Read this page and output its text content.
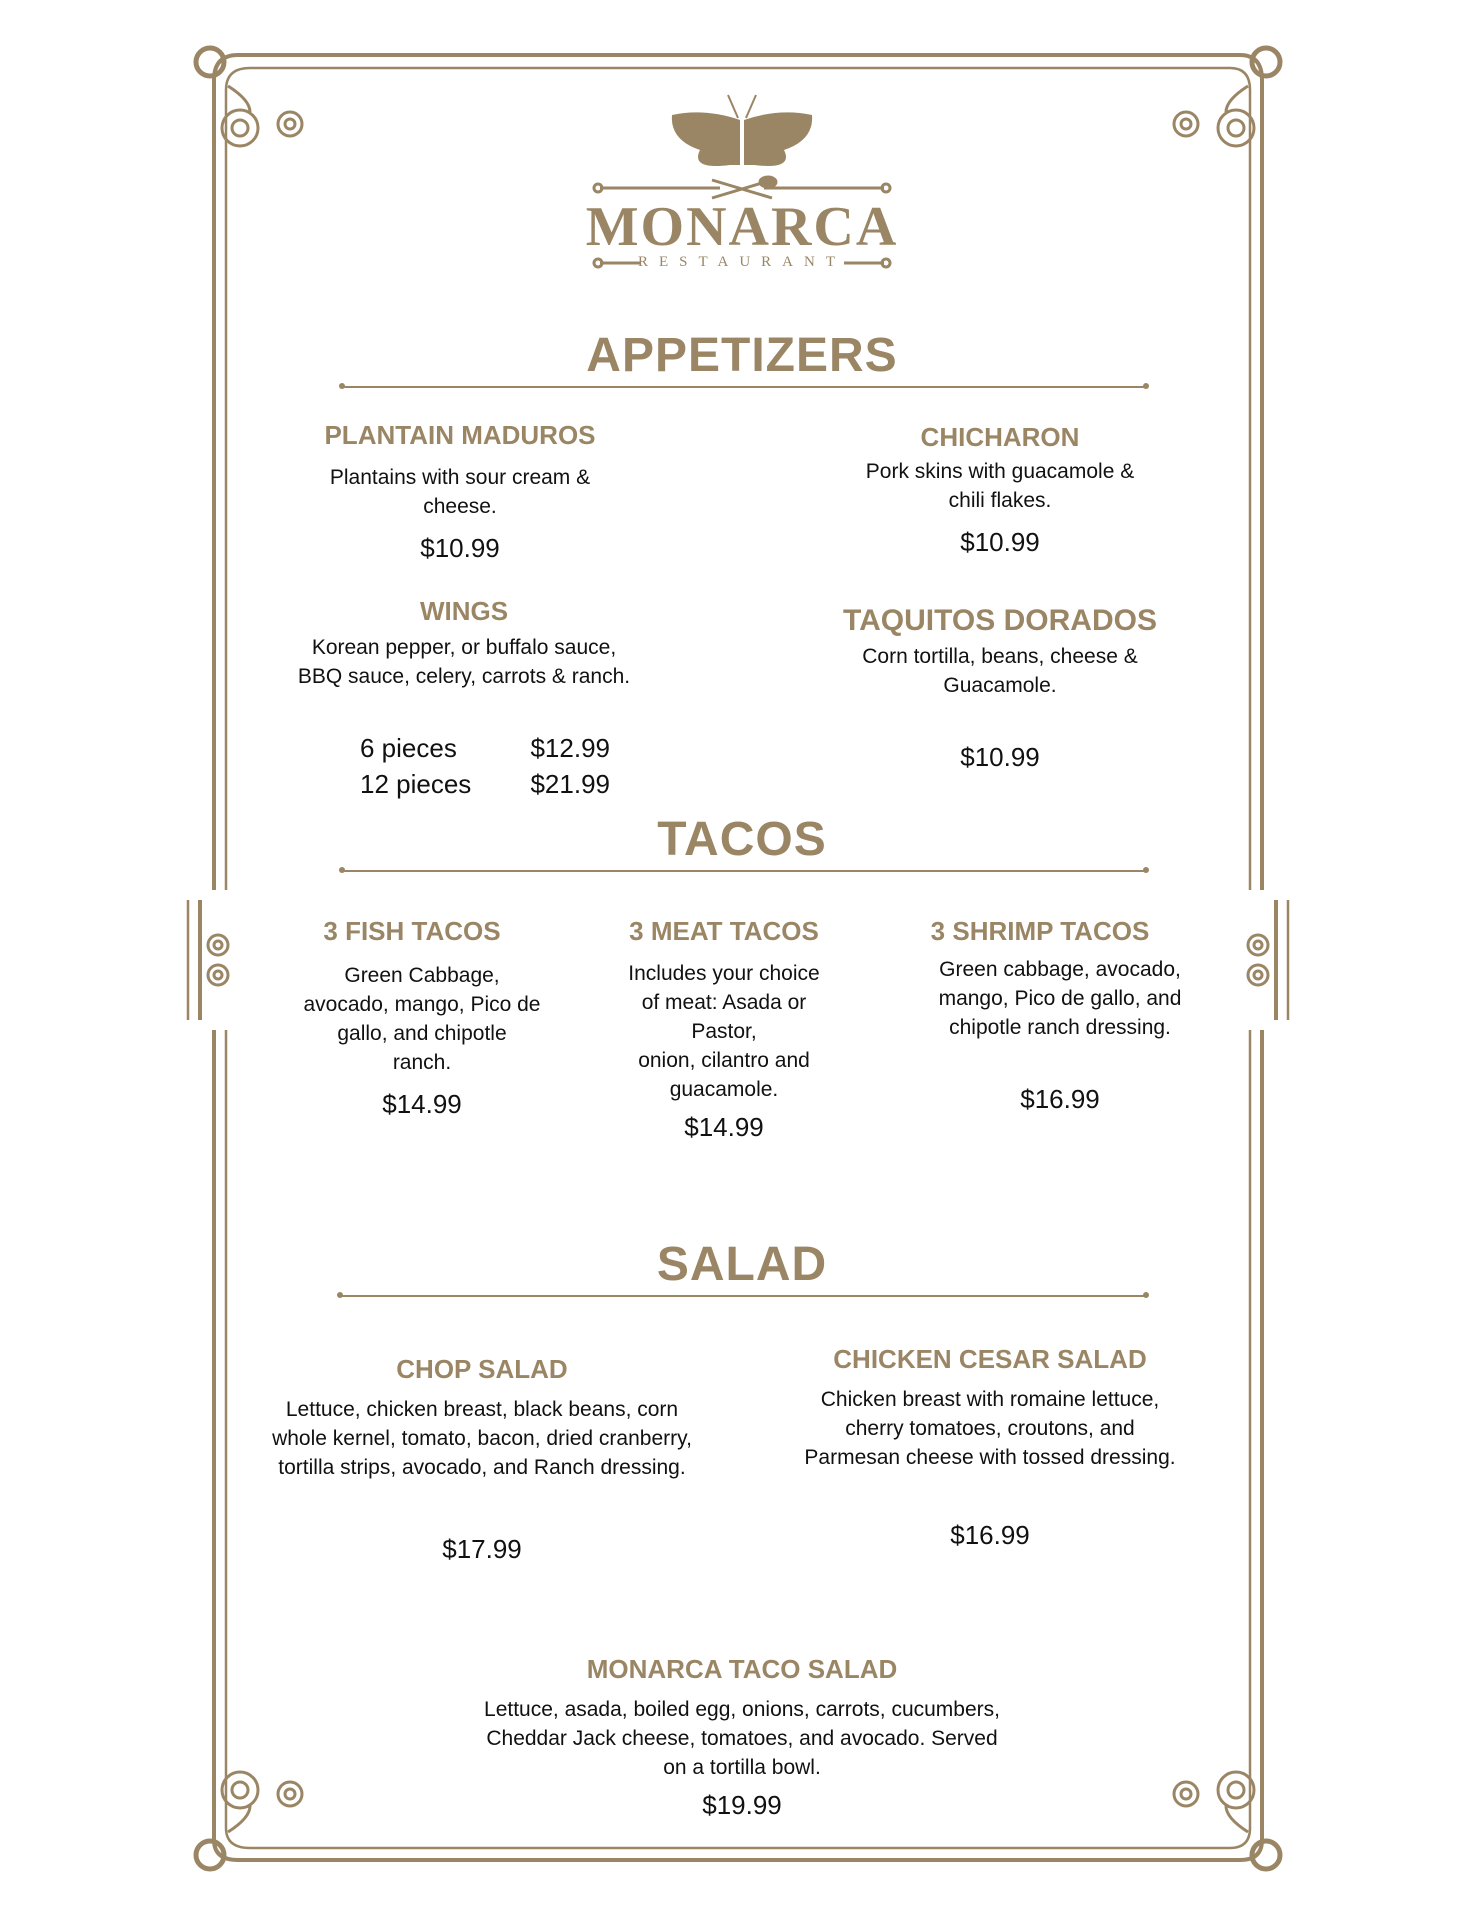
MONARCA
RESTAURANT
APPETIZERS
PLANTAIN MADUROS
Plantains with sour cream &
cheese.
$10.99
CHICHARON
Pork skins with guacamole &
chili flakes.
$10.99
WINGS
Korean pepper, or buffalo sauce,
BBQ sauce, celery, carrots & ranch.
6 pieces	$12.99
12 pieces $21.99
TAQUITOS DORADOS
Corn tortilla, beans, cheese &
Guacamole.
$10.99
TACOS
3 FISH TACOS
Green Cabbage,
avocado, mango, Pico de
gallo, and chipotle
ranch.
$14.99
3 MEAT TACOS
Includes your choice
of meat: Asada or
Pastor,
onion, cilantro and
guacamole.
$14.99
3 SHRIMP TACOS
Green cabbage, avocado,
mango, Pico de gallo, and
chipotle ranch dressing.
$16.99
SALAD
CHOP SALAD
Lettuce, chicken breast, black beans, corn
whole kernel, tomato, bacon, dried cranberry,
tortilla strips, avocado, and Ranch dressing.
$17.99
CHICKEN CESAR SALAD
Chicken breast with romaine lettuce,
cherry tomatoes, croutons, and
Parmesan cheese with tossed dressing.
$16.99
MONARCA TACO SALAD
Lettuce, asada, boiled egg, onions, carrots, cucumbers,
Cheddar Jack cheese, tomatoes, and avocado. Served
on a tortilla bowl.
$19.99
